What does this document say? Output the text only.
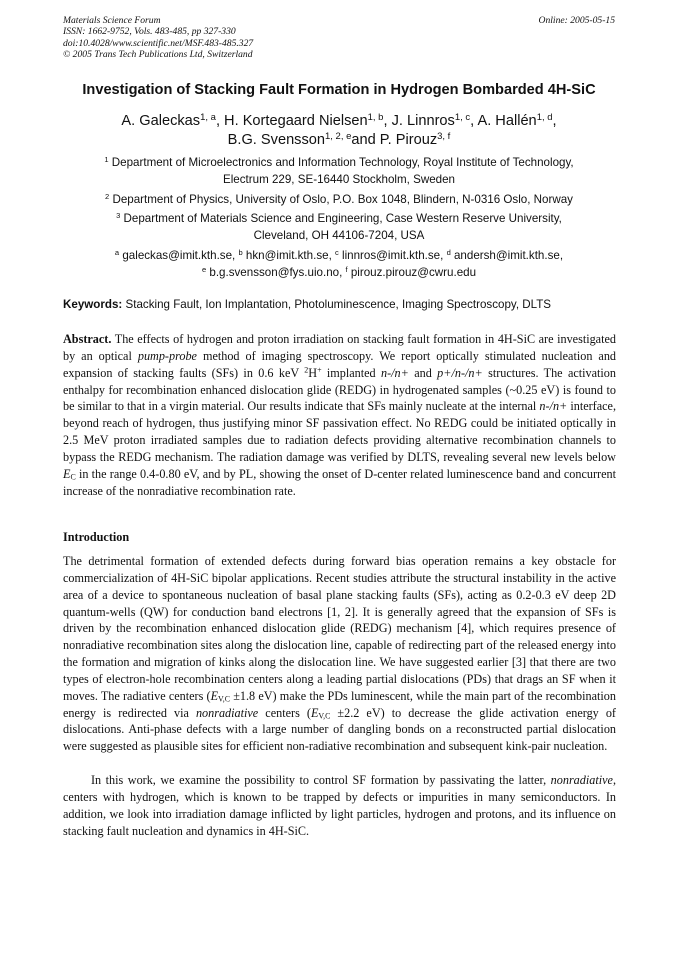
Materials Science Forum
ISSN: 1662-9752, Vols. 483-485, pp 327-330
doi:10.4028/www.scientific.net/MSF.483-485.327
© 2005 Trans Tech Publications Ltd, Switzerland
Online: 2005-05-15
Investigation of Stacking Fault Formation in Hydrogen Bombarded 4H-SiC
A. Galeckas$^{1, a}$, H. Kortegaard Nielsen$^{1, b}$, J. Linnros$^{1, c}$, A. Hallén$^{1, d}$,
B.G. Svensson$^{1, 2, e}$and P. Pirouz$^{3, f}$
$^1$ Department of Microelectronics and Information Technology, Royal Institute of Technology,
Electrum 229, SE-16440 Stockholm, Sweden
$^2$ Department of Physics, University of Oslo, P.O. Box 1048, Blindern, N-0316 Oslo, Norway
$^3$ Department of Materials Science and Engineering, Case Western Reserve University,
Cleveland, OH 44106-7204, USA
$^a$ galeckas@imit.kth.se, $^b$ hkn@imit.kth.se, $^c$ linnros@imit.kth.se, $^d$ andersh@imit.kth.se,
$^e$ b.g.svensson@fys.uio.no, $^f$ pirouz.pirouz@cwru.edu
Keywords: Stacking Fault, Ion Implantation, Photoluminescence, Imaging Spectroscopy, DLTS
Abstract. The effects of hydrogen and proton irradiation on stacking fault formation in 4H-SiC are investigated by an optical pump-probe method of imaging spectroscopy. We report optically stimulated nucleation and expansion of stacking faults (SFs) in 0.6 keV $^2$H+ implanted n-/n+ and p+/n-/n+ structures. The activation enthalpy for recombination enhanced dislocation glide (REDG) in hydrogenated samples (~0.25 eV) is found to be similar to that in a virgin material. Our results indicate that SFs mainly nucleate at the internal n-/n+ interface, beyond reach of hydrogen, thus justifying minor SF passivation effect. No REDG could be initiated optically in 2.5 MeV proton irradiated samples due to radiation defects providing alternative recombination channels to bypass the REDG mechanism. The radiation damage was verified by DLTS, revealing several new levels below $E_C$ in the range 0.4-0.80 eV, and by PL, showing the onset of D-center related luminescence band and concurrent increase of the nonradiative recombination rate.
Introduction
The detrimental formation of extended defects during forward bias operation remains a key obstacle for commercialization of 4H-SiC bipolar applications. Recent studies attribute the structural instability in the active area of a device to spontaneous nucleation of basal plane stacking faults (SFs), acting as 0.2-0.3 eV deep 2D quantum-wells (QW) for conduction band electrons [1, 2]. It is generally agreed that the expansion of SFs is driven by the recombination enhanced dislocation glide (REDG) mechanism [4], which requires presence of nonradiative recombination sites along the dislocation line, capable of redirecting part of the released energy into the formation and migration of kinks along the dislocation line. We have suggested earlier [3] that there are two types of electron-hole recombination centers along a leading partial dislocations (PDs) that drags an SF when it moves. The radiative centers ($E_{V,C} \pm 1.8$ eV) make the PDs luminescent, while the main part of the recombination energy is redirected via nonradiative centers ($E_{V,C} \pm 2.2$ eV) to decrease the glide activation energy of dislocations. Anti-phase defects with a large number of dangling bonds on a reconstructed partial dislocation were suggested as plausible sites for efficient non-radiative recombination and subsequent kink-pair nucleation.
In this work, we examine the possibility to control SF formation by passivating the latter, nonradiative, centers with hydrogen, which is known to be trapped by defects or impurities in many semiconductors. In addition, we look into irradiation damage inflicted by light particles, hydrogen and protons, and its influence on stacking fault nucleation and dynamics in 4H-SiC.
